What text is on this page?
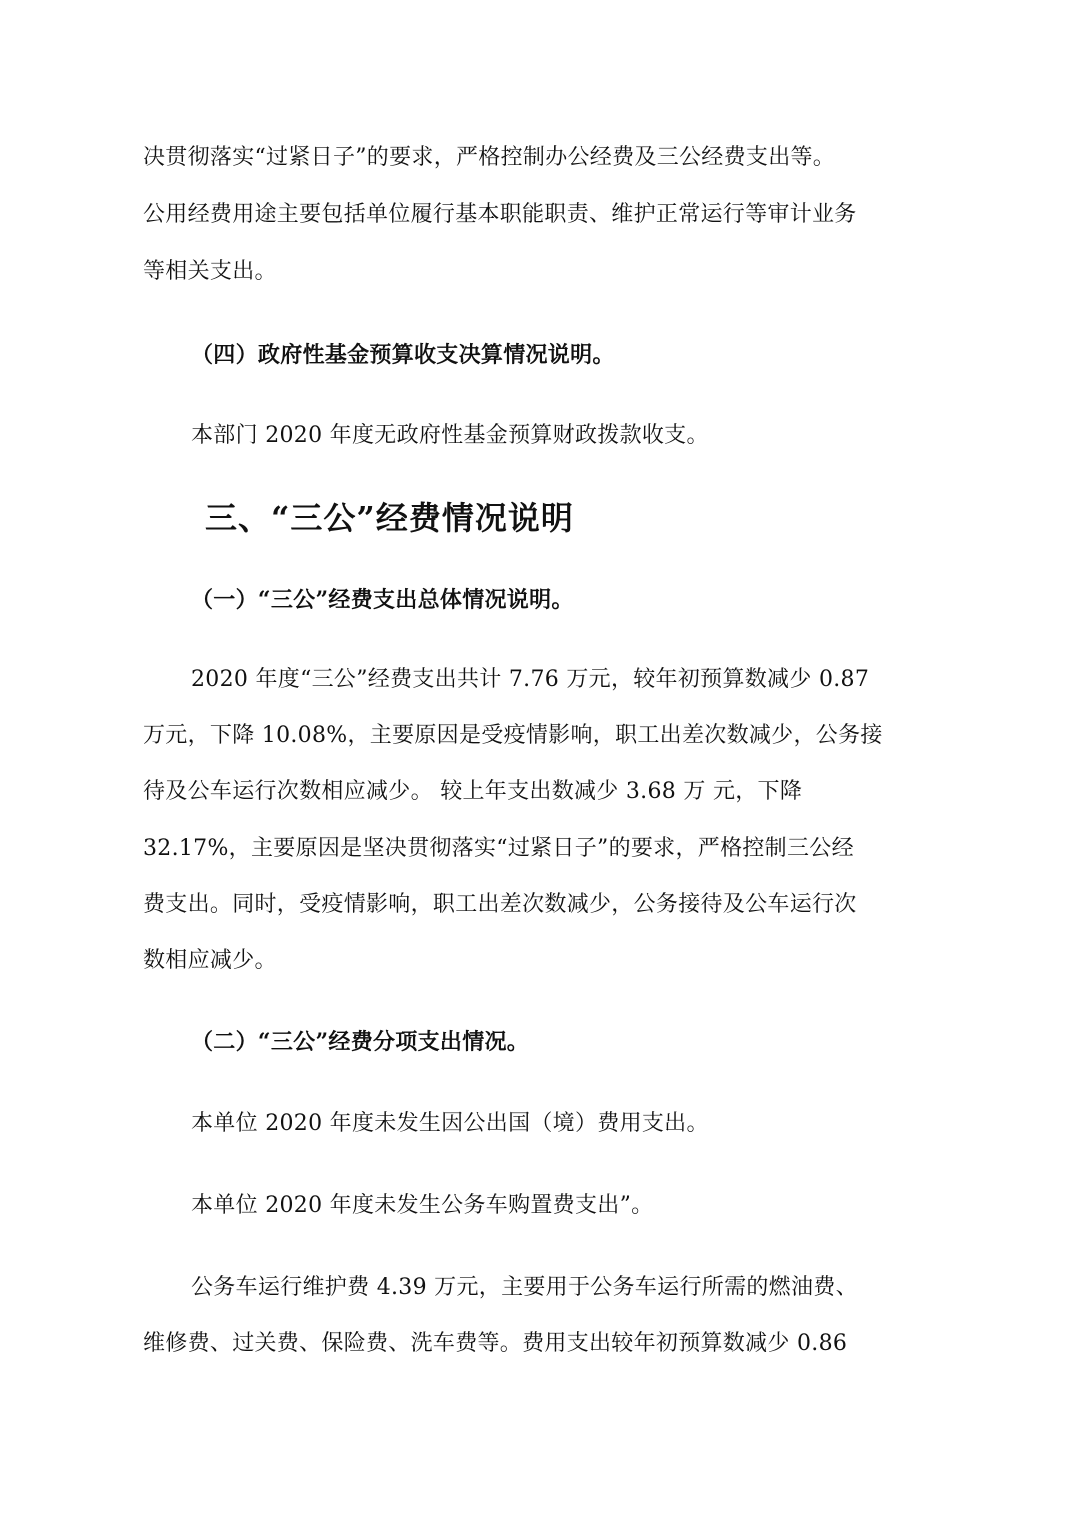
决贯彻落实“过紧日子”的要求，严格控制办公经费及三公经费支出等。
公用经费用途主要包括单位履行基本职能职责、维护正常运行等审计业务
等相关支出。
（四）政府性基金预算收支决算情况说明。
本部门 2020 年度无政府性基金预算财政拨款收支。
三、“三公”经费情况说明
（一）“三公”经费支出总体情况说明。
2020 年度“三公”经费支出共计 7.76 万元，较年初预算数减少 0.87
万元，下降 10.08%，主要原因是受疫情影响，职工出差次数减少，公务接
待及公车运行次数相应减少。 较上年支出数减少 3.68 万 元，下降
32.17%，主要原因是坚决贯彻落实“过紧日子”的要求，严格控制三公经
费支出。同时，受疫情影响，职工出差次数减少，公务接待及公车运行次
数相应减少。
（二）“三公”经费分项支出情况。
本单位 2020 年度未发生因公出国（境）费用支出。
本单位 2020 年度未发生公务车购置费支出”。
公务车运行维护费 4.39 万元，主要用于公务车运行所需的燃油费、
维修费、过关费、保险费、洗车费等。费用支出较年初预算数减少 0.86
